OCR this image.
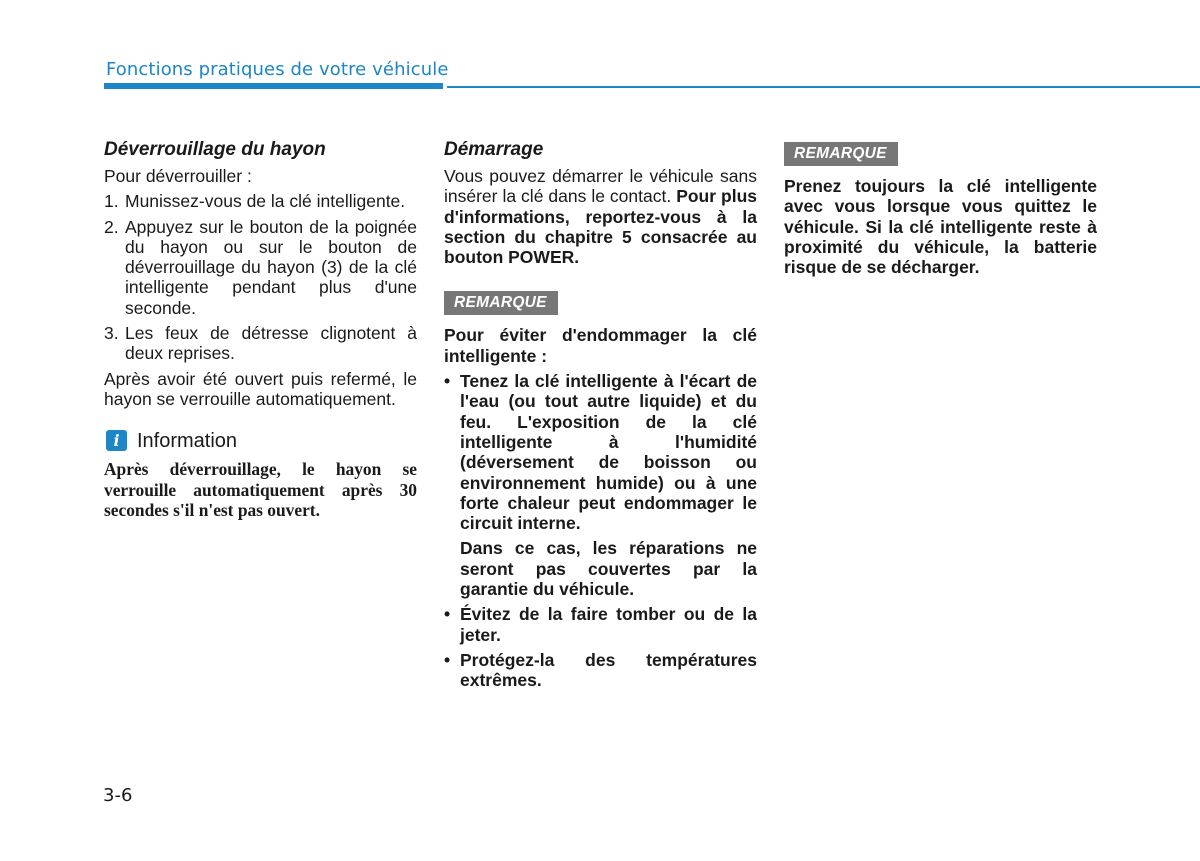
Fonctions pratiques de votre véhicule
Déverrouillage du hayon

Pour déverrouiller :

1. Munissez-vous de la clé intelligente.
2. Appuyez sur le bouton de la poignée du hayon ou sur le bouton de déverrouillage du hayon (3) de la clé intelligente pendant plus d'une seconde.
3. Les feux de détresse clignotent à deux reprises.

Après avoir été ouvert puis refermé, le hayon se verrouille automatiquement.

i Information

Après déverrouillage, le hayon se verrouille automatiquement après 30 secondes s'il n'est pas ouvert.

Démarrage

Vous pouvez démarrer le véhicule sans insérer la clé dans le contact. Pour plus d'informations, reportez-vous à la section du chapitre 5 consacrée au bouton POWER.

REMARQUE

Pour éviter d'endommager la clé intelligente :

• Tenez la clé intelligente à l'écart de l'eau (ou tout autre liquide) et du feu. L'exposition de la clé intelligente à l'humidité (déversement de boisson ou environnement humide) ou à une forte chaleur peut endommager le circuit interne.

Dans ce cas, les réparations ne seront pas couvertes par la garantie du véhicule.

• Évitez de la faire tomber ou de la jeter.

• Protégez-la des températures extrêmes.

REMARQUE

Prenez toujours la clé intelligente avec vous lorsque vous quittez le véhicule. Si la clé intelligente reste à proximité du véhicule, la batterie risque de se décharger.

3-6
